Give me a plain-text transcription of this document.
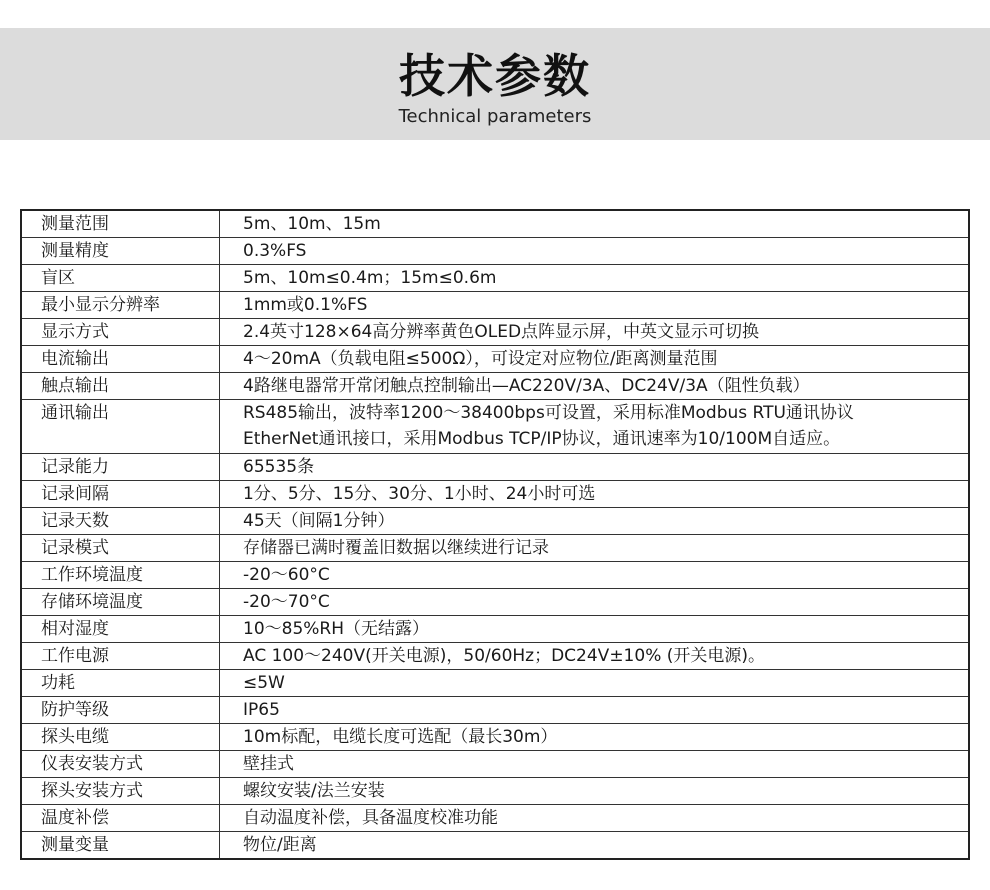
技术参数
Technical parameters
测量范围	5m、10m、15m

测量精度	0.3%FS

盲区	5m、10m≤0.4m；15m≤0.6m

最小显示分辨率	1mm或0.1%FS

显示方式	2.4英寸128×64高分辨率黄色OLED点阵显示屏，中英文显示可切换

电流输出	4～20mA（负载电阻≤500Ω），可设定对应物位/距离测量范围

触点输出	4路继电器常开常闭触点控制输出—AC220V/3A、DC24V/3A（阻性负载）

通讯输出	RS485输出，波特率1200～38400bps可设置，采用标准Modbus RTU通讯协议
EtherNet通讯接口，采用Modbus TCP/IP协议，通讯速率为10/100M自适应。

记录能力	65535条

记录间隔	1分、5分、15分、30分、1小时、24小时可选

记录天数	45天（间隔1分钟）

记录模式	存储器已满时覆盖旧数据以继续进行记录

工作环境温度	-20～60°C

存储环境温度	-20～70°C

相对湿度	10～85%RH（无结露）

工作电源	AC 100～240V(开关电源)，50/60Hz；DC24V±10% (开关电源)。

功耗	≤5W

防护等级	IP65

探头电缆	10m标配，电缆长度可选配（最长30m）

仪表安装方式	壁挂式

探头安装方式	螺纹安装/法兰安装

温度补偿	自动温度补偿，具备温度校准功能

测量变量	物位/距离
